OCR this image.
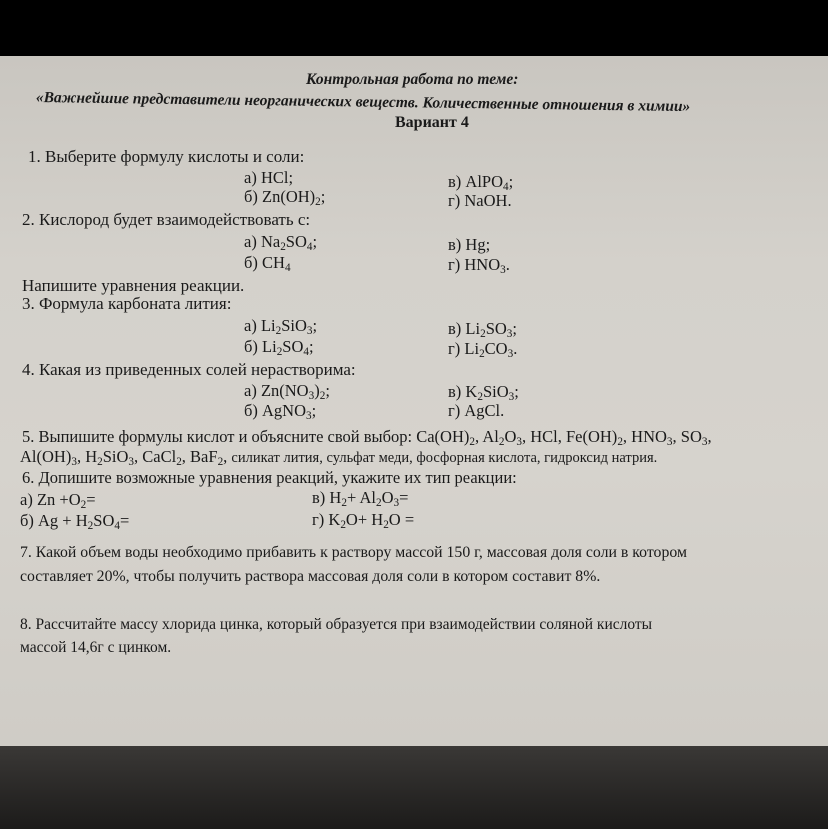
Контрольная работа по теме:
«Важнейшие представители неорганических веществ. Количественные отношения в химии»
Вариант 4
1. Выберите формулу кислоты и соли:
а) HCl;
б) $Zn(OH)_2$;
в) AlPO$_4$;
г) NaOH.
2. Кислород будет взаимодействовать с:
а) $Na_2SO_4$;
б) $CH_4$
в) Hg;
г) $HNO_3$.
Напишите уравнения реакции.
3. Формула карбоната лития:
а) $Li_2SiO_3$;
б) $Li_2SO_4$;
в) $Li_2SO_3$;
г) $Li_2CO_3$.
4. Какая из приведенных солей нерастворима:
а) $Zn(NO_3)_2$;
б) AgNO$_3$;
в) $K_2SiO_3$;
г) AgCl.
5. Выпишите формулы кислот и объясните свой выбор: $Ca(OH)_2$, $Al_2O_3$, HCl, $Fe(OH)_2$, $HNO_3$, $SO_3$,
$Al(OH)_3$, $H_2SiO_3$, CaCl$_2$, BaF$_2$, силикат лития, сульфат меди, фосфорная кислота, гидроксид натрия.
6. Допишите возможные уравнения реакций, укажите их тип реакции:
а) $Zn +O_2=$
б) $Ag + H_2SO_4=$
в) $H_2+ Al_2O_3=$
г) $K_2O+ H_2O$ =
7. Какой объем воды необходимо прибавить к раствору массой 150 г, массовая доля соли в котором
составляет 20%, чтобы получить раствора массовая доля соли в котором составит 8%.
8. Рассчитайте массу хлорида цинка, который образуется при взаимодействии соляной кислоты
массой 14,6г с цинком.
